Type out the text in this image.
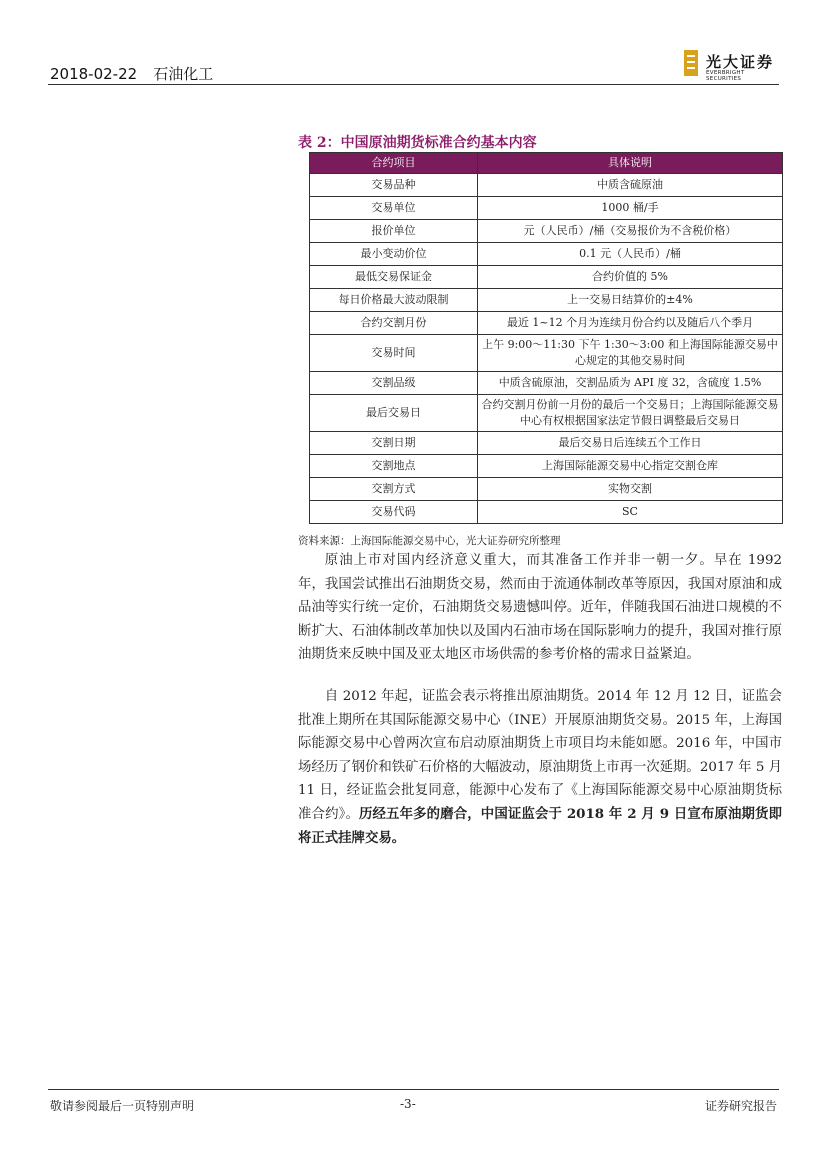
2018-02-22 石油化工
光大证券
EVERBRIGHT SECURITIES
表 2：中国原油期货标准合约基本内容
合约项目	具体说明
交易品种	中质含硫原油
交易单位	1000 桶/手
报价单位	元（人民币）/桶（交易报价为不含税价格）
最小变动价位	0.1 元（人民币）/桶
最低交易保证金	合约价值的 5%
每日价格最大波动限制	上一交易日结算价的±4%
合约交割月份	最近 1~12 个月为连续月份合约以及随后八个季月
交易时间	上午 9:00～11:30 下午 1:30～3:00 和上海国际能源交易中心规定的其他交易时间
交割品级	中质含硫原油，交割品质为 API 度 32，含硫度 1.5%
最后交易日	合约交割月份前一月份的最后一个交易日；上海国际能源交易中心有权根据国家法定节假日调整最后交易日
交割日期	最后交易日后连续五个工作日
交割地点	上海国际能源交易中心指定交割仓库
交割方式	实物交割
交易代码	SC
资料来源：上海国际能源交易中心，光大证券研究所整理

原油上市对国内经济意义重大，而其准备工作并非一朝一夕。早在 1992 年，我国尝试推出石油期货交易，然而由于流通体制改革等原因，我国对原油和成品油等实行统一定价，石油期货交易遗憾叫停。近年，伴随我国石油进口规模的不断扩大、石油体制改革加快以及国内石油市场在国际影响力的提升，我国对推行原油期货来反映中国及亚太地区市场供需的参考价格的需求日益紧迫。

自 2012 年起，证监会表示将推出原油期货。2014 年 12 月 12 日，证监会批准上期所在其国际能源交易中心（INE）开展原油期货交易。2015 年，上海国际能源交易中心曾两次宣布启动原油期货上市项目均未能如愿。2016 年，中国市场经历了钢价和铁矿石价格的大幅波动，原油期货上市再一次延期。2017 年 5 月 11 日，经证监会批复同意，能源中心发布了《上海国际能源交易中心原油期货标准合约》。历经五年多的磨合，中国证监会于 2018 年 2 月 9 日宣布原油期货即将正式挂牌交易。

敬请参阅最后一页特别声明	-3-	证券研究报告
